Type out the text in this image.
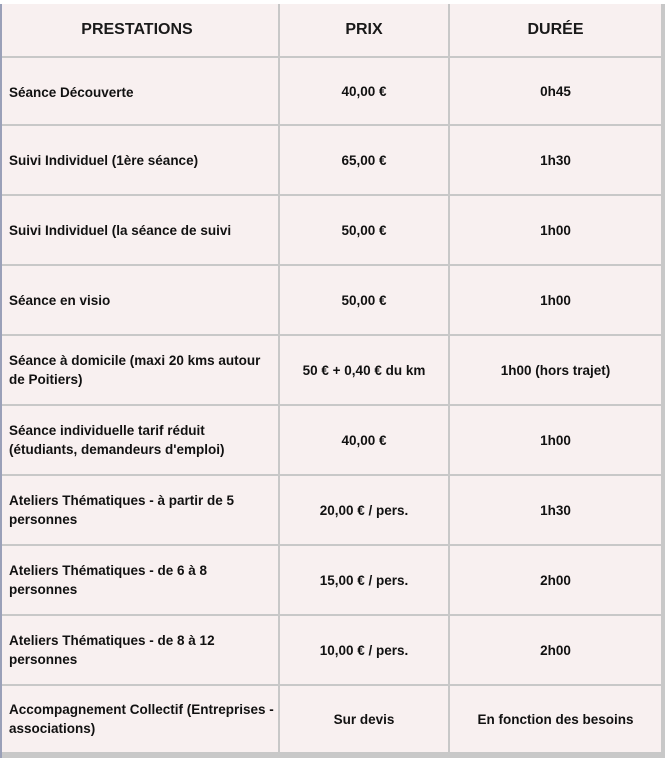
PRESTATIONS	PRIX	DURÉE
Séance Découverte	40,00 €	0h45
Suivi Individuel (1ère séance)	65,00 €	1h30
Suivi Individuel (la séance de suivi	50,00 €	1h00
Séance en visio	50,00 €	1h00
Séance à domicile (maxi 20 kms autour de Poitiers)	50 € + 0,40 € du km	1h00 (hors trajet)
Séance individuelle tarif réduit (étudiants, demandeurs d'emploi)	40,00 €	1h00
Ateliers Thématiques - à partir de 5 personnes	20,00 € / pers.	1h30
Ateliers Thématiques - de 6 à 8 personnes	15,00 € / pers.	2h00
Ateliers Thématiques - de 8 à 12 personnes	10,00 € / pers.	2h00
Accompagnement Collectif (Entreprises - associations)	Sur devis	En fonction des besoins
